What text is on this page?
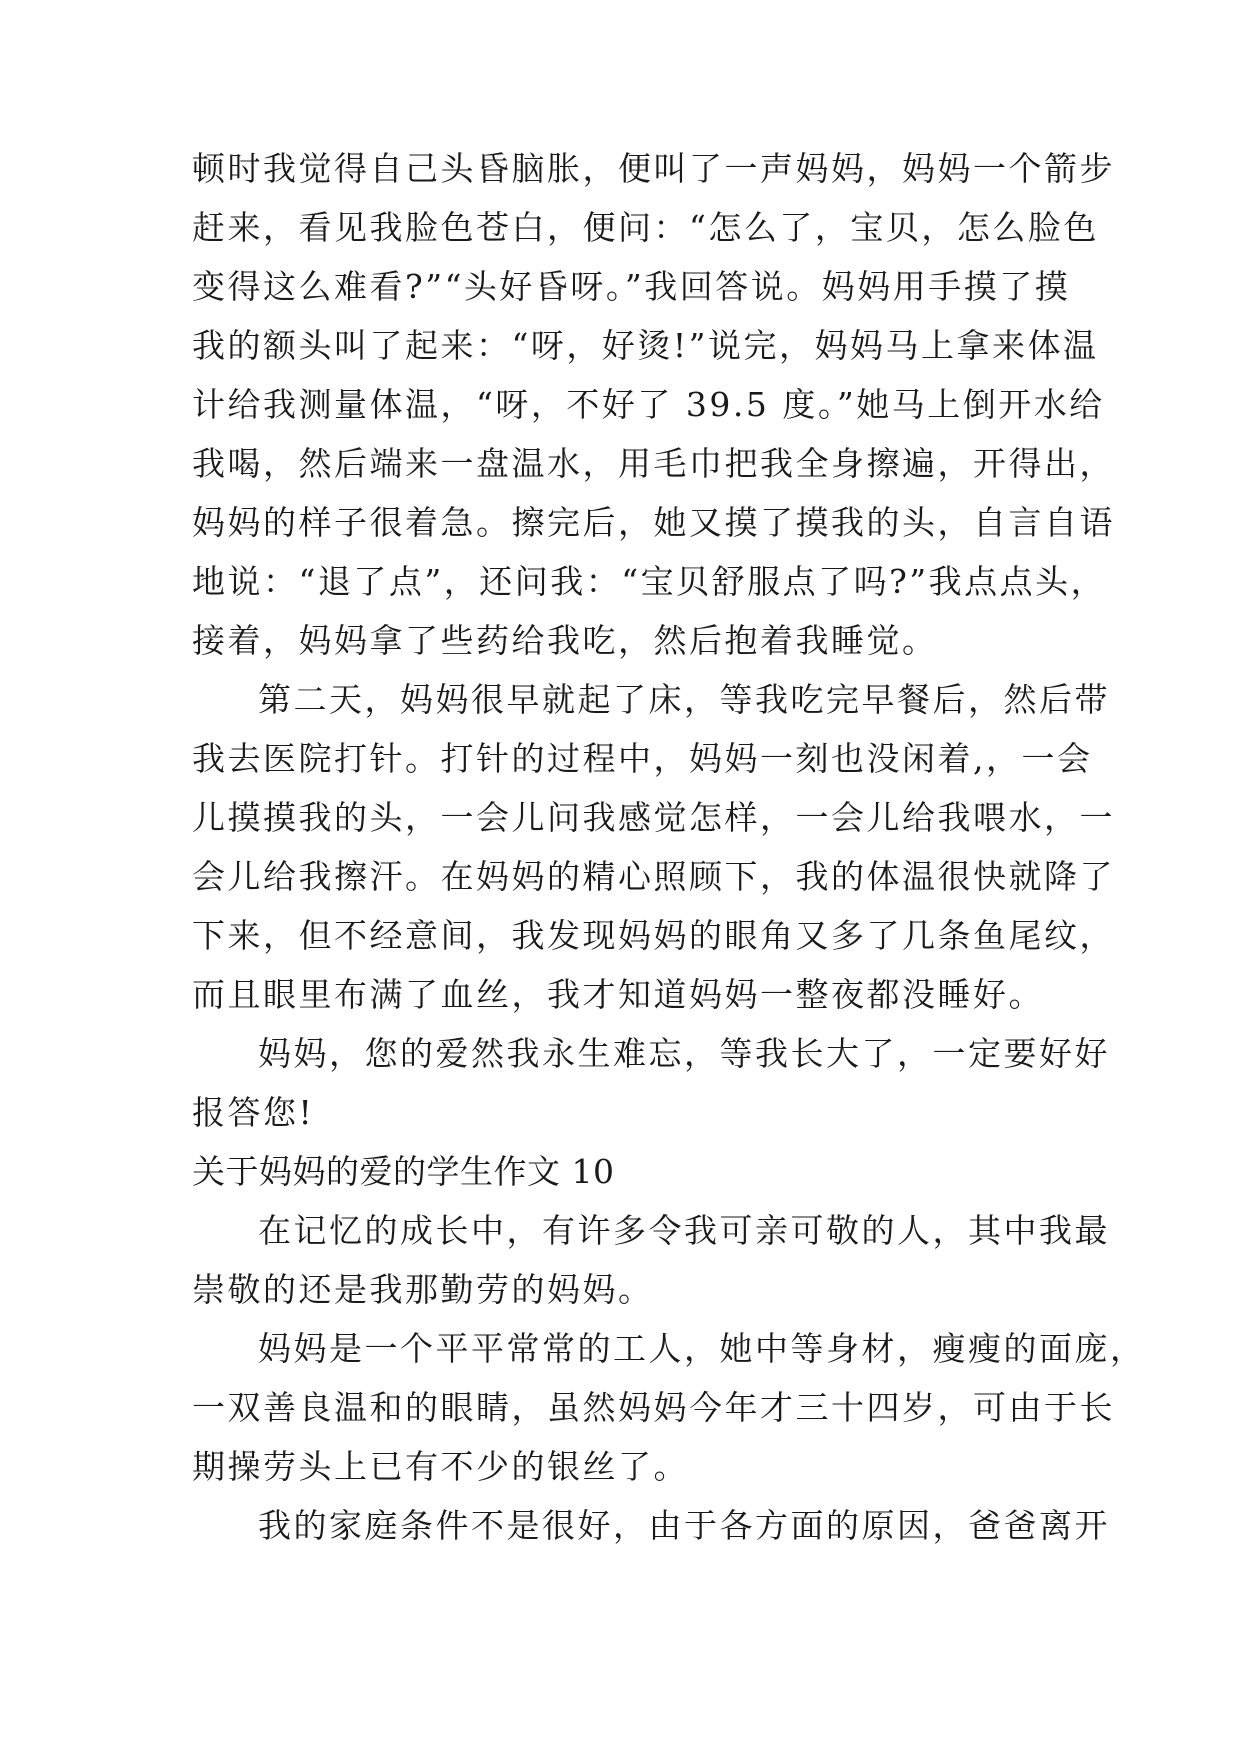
顿时我觉得自己头昏脑胀，便叫了一声妈妈，妈妈一个箭步
赶来，看见我脸色苍白，便问：“怎么了，宝贝，怎么脸色
变得这么难看?”“头好昏呀。”我回答说。妈妈用手摸了摸
我的额头叫了起来：“呀，好烫!”说完，妈妈马上拿来体温
计给我测量体温，“呀，不好了 39.5 度。”她马上倒开水给
我喝，然后端来一盘温水，用毛巾把我全身擦遍，开得出，
妈妈的样子很着急。擦完后，她又摸了摸我的头，自言自语
地说：“退了点”，还问我：“宝贝舒服点了吗?”我点点头，
接着，妈妈拿了些药给我吃，然后抱着我睡觉。
第二天，妈妈很早就起了床，等我吃完早餐后，然后带
我去医院打针。打针的过程中，妈妈一刻也没闲着,，一会
儿摸摸我的头，一会儿问我感觉怎样，一会儿给我喂水，一
会儿给我擦汗。在妈妈的精心照顾下，我的体温很快就降了
下来，但不经意间，我发现妈妈的眼角又多了几条鱼尾纹，
而且眼里布满了血丝，我才知道妈妈一整夜都没睡好。
妈妈，您的爱然我永生难忘，等我长大了，一定要好好
报答您!
关于妈妈的爱的学生作文 10
在记忆的成长中，有许多令我可亲可敬的人，其中我最
崇敬的还是我那勤劳的妈妈。
妈妈是一个平平常常的工人，她中等身材，瘦瘦的面庞，
一双善良温和的眼睛，虽然妈妈今年才三十四岁，可由于长
期操劳头上已有不少的银丝了。
我的家庭条件不是很好，由于各方面的原因，爸爸离开
